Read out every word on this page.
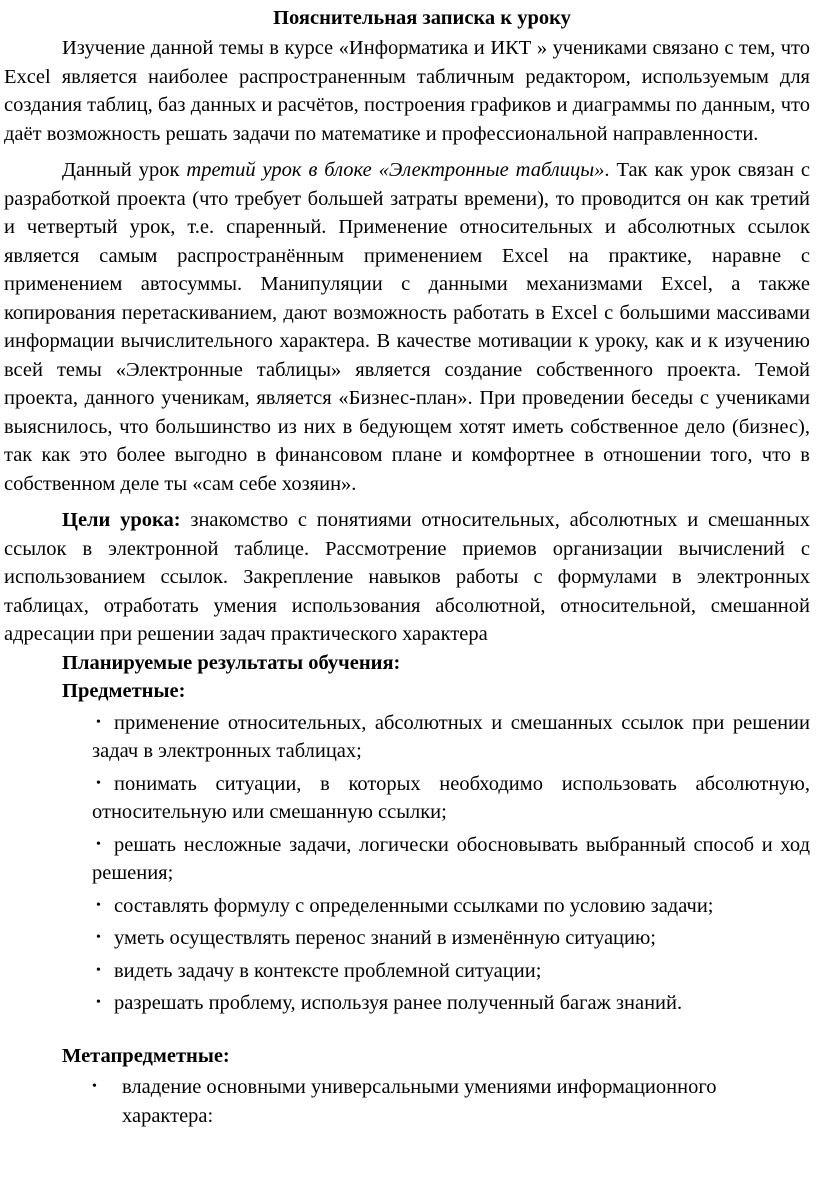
Пояснительная записка к уроку

Изучение данной темы в курсе «Информатика и ИКТ » учениками связано с тем, что Excel является наиболее распространенным табличным редактором, используемым для создания таблиц, баз данных и расчётов, построения графиков и диаграммы по данным, что даёт возможность решать задачи по математике и профессиональной направленности.

Данный урок третий урок в блоке «Электронные таблицы». Так как урок связан с разработкой проекта (что требует большей затраты времени), то проводится он как третий и четвертый урок, т.е. спаренный. Применение относительных и абсолютных ссылок является самым распространённым применением Excel на практике, наравне с применением автосуммы. Манипуляции с данными механизмами Excel, а также копирования перетаскиванием, дают возможность работать в Excel с большими массивами информации вычислительного характера. В качестве мотивации к уроку, как и к изучению всей темы «Электронные таблицы» является создание собственного проекта. Темой проекта, данного ученикам, является «Бизнес-план». При проведении беседы с учениками выяснилось, что большинство из них в бедующем хотят иметь собственное дело (бизнес), так как это более выгодно в финансовом плане и комфортнее в отношении того, что в собственном деле ты «сам себе хозяин».

Цели урока: знакомство с понятиями относительных, абсолютных и смешанных ссылок в электронной таблице. Рассмотрение приемов организации вычислений с использованием ссылок. Закрепление навыков работы с формулами в электронных таблицах, отработать умения использования абсолютной, относительной, смешанной адресации при решении задач практического характера

Планируемые результаты обучения:
Предметные:
• применение относительных, абсолютных и смешанных ссылок при решении задач в электронных таблицах;
• понимать ситуации, в которых необходимо использовать абсолютную, относительную или смешанную ссылки;
• решать несложные задачи, логически обосновывать выбранный способ и ход решения;
• составлять формулу с определенными ссылками по условию задачи;
• уметь осуществлять перенос знаний в изменённую ситуацию;
• видеть задачу в контексте проблемной ситуации;
• разрешать проблему, используя ранее полученный багаж знаний.
Метапредметные:
• владение основными универсальными умениями информационного характера:
